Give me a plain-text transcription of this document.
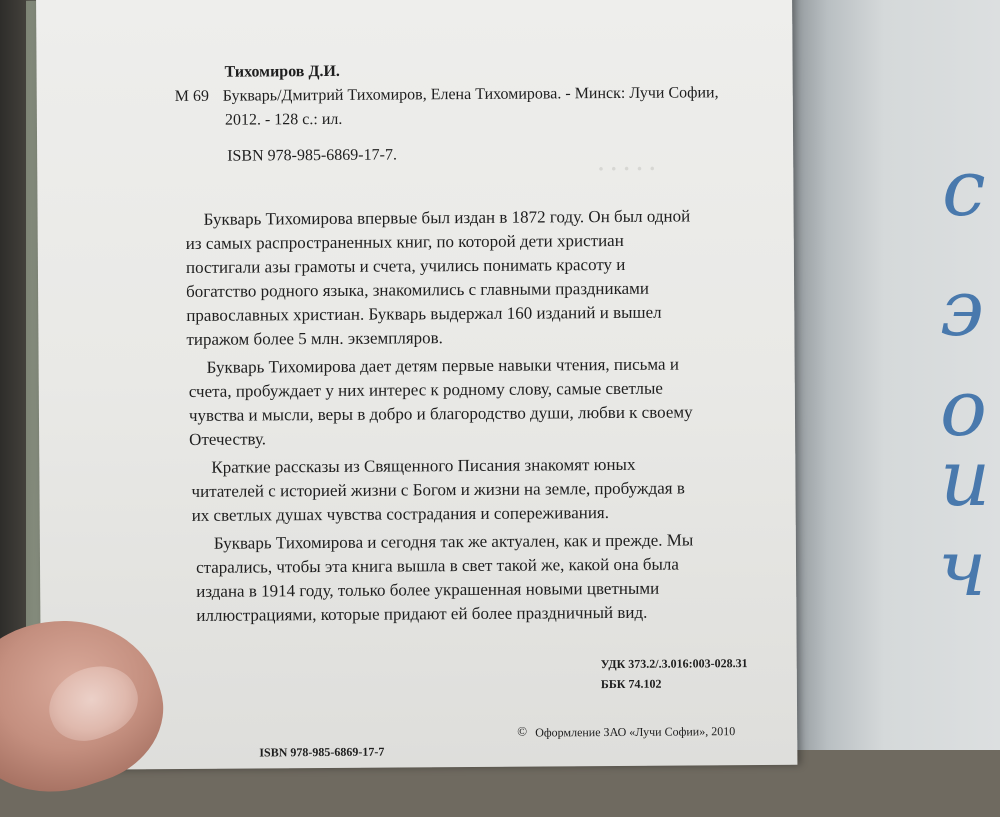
с
э
о
и
ч
Тихомиров Д.И.
М 69 Букварь/Дмитрий Тихомиров, Елена Тихомирова. - Минск: Лучи Софии,
2012. - 128 с.: ил.
ISBN 978-985-6869-17-7.
· · · · ·
Букварь Тихомирова впервые был издан в 1872 году. Он был одной
из самых распространенных книг, по которой дети христиан
постигали азы грамоты и счета, учились понимать красоту и
богатство родного языка, знакомились с главными праздниками
православных христиан. Букварь выдержал 160 изданий и вышел
тиражом более 5 млн. экземпляров.
Букварь Тихомирова дает детям первые навыки чтения, письма и
счета, пробуждает у них интерес к родному слову, самые светлые
чувства и мысли, веры в добро и благородство души, любви к своему
Отечеству.
Краткие рассказы из Священного Писания знакомят юных
читателей с историей жизни с Богом и жизни на земле, пробуждая в
их светлых душах чувства сострадания и сопереживания.
Букварь Тихомирова и сегодня так же актуален, как и прежде. Мы
старались, чтобы эта книга вышла в свет такой же, какой она была
издана в 1914 году, только более украшенная новыми цветными
иллюстрациями, которые придают ей более праздничный вид.
УДК 373.2/.3.016:003-028.31
ББК 74.102
ISBN 978-985-6869-17-7
© Оформление ЗАО «Лучи Софии», 2010
